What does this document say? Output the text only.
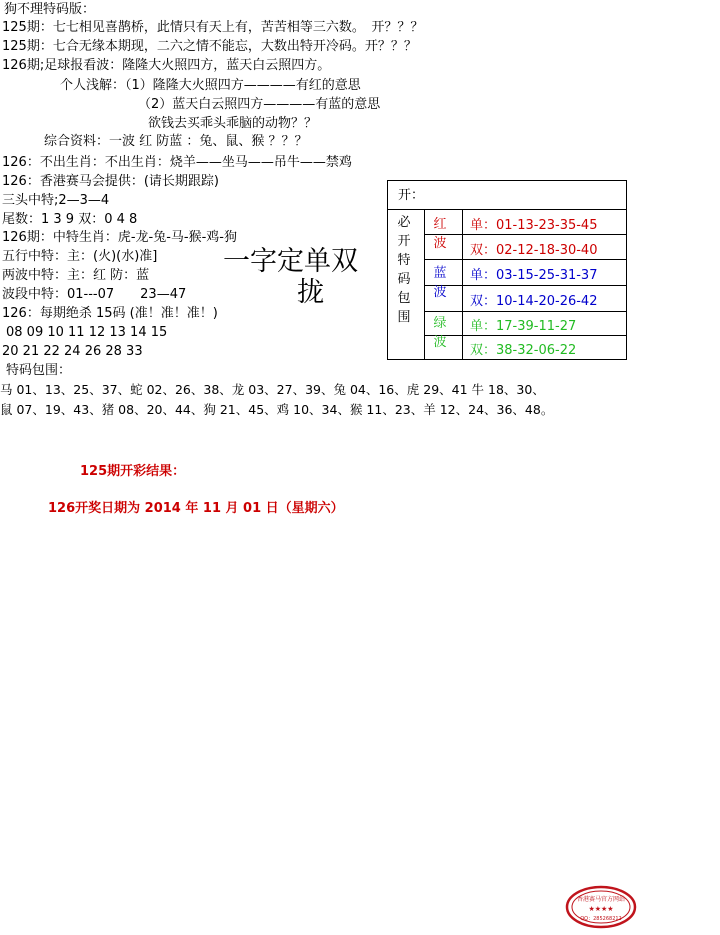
狗不理特码版：
125期：七七相见喜鹊桥，此情只有天上有，苦苦相等三六数。　开？？？
125期：七合无缘本期现，二六之情不能忘，大数出特开冷码。开？？？
126期;足球报看波：隆隆大火照四方，蓝天白云照四方。
个人浅解：（1）隆隆大火照四方————有红的意思
（2）蓝天白云照四方————有蓝的意思
欲钱去买乖头乖脑的动物？？
综合资料：一波 红 防蓝 ：兔、鼠、猴 ？？？
126：不出生肖：不出生肖：烧羊——坐马——吊牛——禁鸡
126：香港赛马会提供：(请长期跟踪)
三头中特;2—3—4
尾数：1 3 9 双：0 4 8
126期：中特生肖：虎-龙-兔-马-猴-鸡-狗
五行中特：主：(火)(水)准]
两波中特：主：红 防：蓝
波段中特：01---07　　23—47
126：每期绝杀 15码 (准！准！准！)
08 09 10 11 12 13 14 15
20 21 22 24 26 28 33
特码包围：
马 01、13、25、37、蛇 02、26、38、龙 03、27、39、兔 04、16、虎 29、41 牛 18、30、
鼠 07、19、43、猪 08、20、44、狗 21、45、鸡 10、34、猴 11、23、羊 12、24、36、48。
一字定单双
拢
开：
必
开
特
码
包
围
红
波
蓝
波
绿
波
单：01-13-23-35-45
双：02-12-18-30-40
单：03-15-25-31-37
双：10-14-20-26-42
单：17-39-11-27
双：38-32-06-22
125期开彩结果：
126开奖日期为 2014 年 11 月 01 日（星期六）
香港赛马官方网站
★★★★
QQ：285268212
